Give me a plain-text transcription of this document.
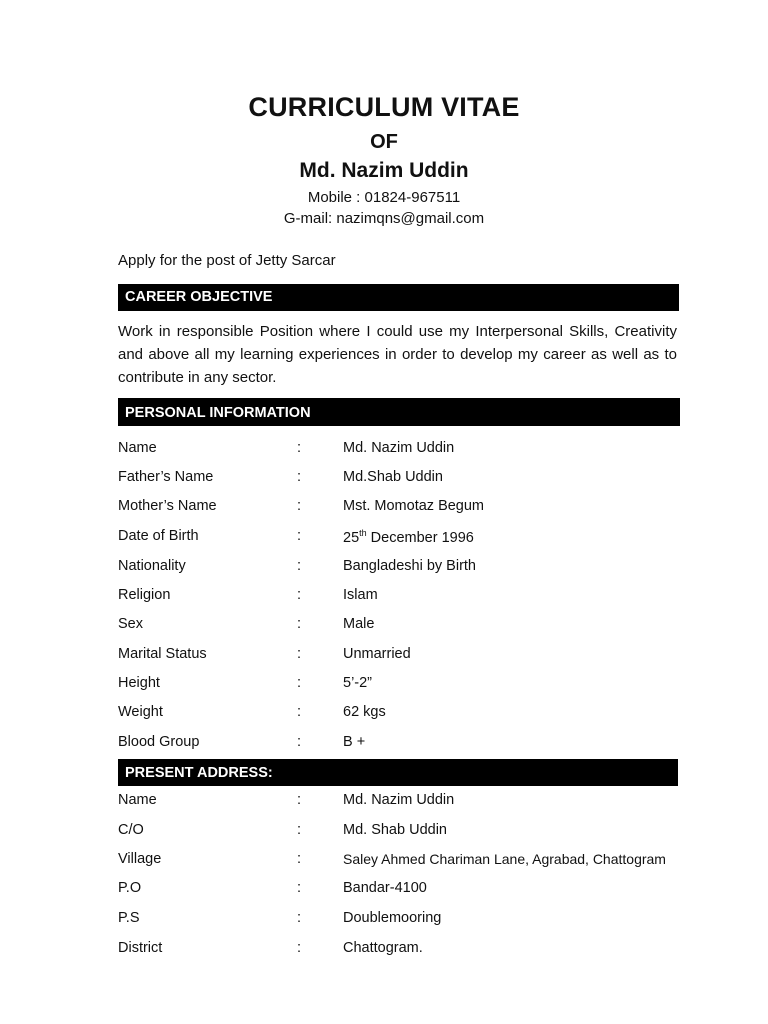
CURRICULUM VITAE
OF
Md. Nazim Uddin
Mobile : 01824-967511
G-mail: nazimqns@gmail.com
Apply for the post of Jetty Sarcar
CAREER OBJECTIVE
Work in responsible Position where I could use my Interpersonal Skills, Creativity and above all my learning experiences in order to develop my career as well as to contribute in any sector.
PERSONAL INFORMATION
Name	:	Md. Nazim Uddin
Father’s Name	:	Md.Shab Uddin
Mother’s Name	:	Mst. Momotaz Begum
Date of Birth	:	25th December 1996
Nationality	:	Bangladeshi by Birth
Religion	:	Islam
Sex	:	Male
Marital Status	:	Unmarried
Height	:	5’-2”
Weight	:	62 kgs
Blood Group	:	B +
PRESENT ADDRESS:
Name	:	Md. Nazim Uddin
C/O	:	Md. Shab Uddin
Village	:	Saley Ahmed Chariman Lane, Agrabad, Chattogram
P.O	:	Bandar-4100
P.S	:	Doublemooring
District	:	Chattogram.
